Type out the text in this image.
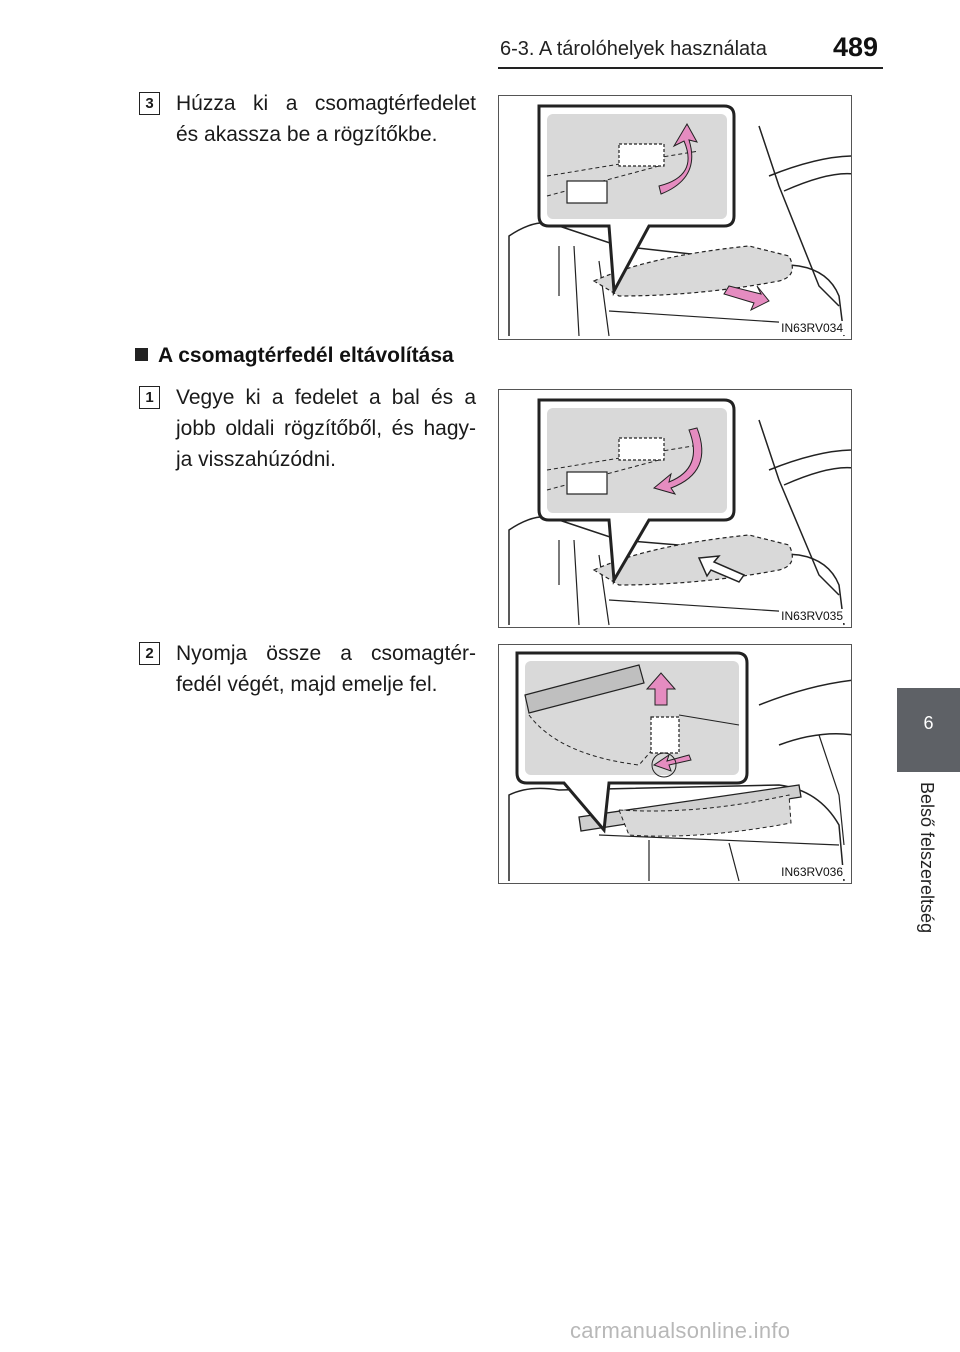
6-3. A tárolóhelyek használata 489
3	Húzza ki a csomagtérfedelet
és akassza be a rögzítőkbe.
IN63RV034
A csomagtérfedél eltávolítása
1	Vegye ki a fedelet a bal és a
jobb oldali rögzítőből, és hagy-
ja visszahúzódni.
IN63RV035
2	Nyomja össze a csomagtér-
fedél végét, majd emelje fel.
IN63RV036
6
Belső felszereltség
carmanualsonline.info
